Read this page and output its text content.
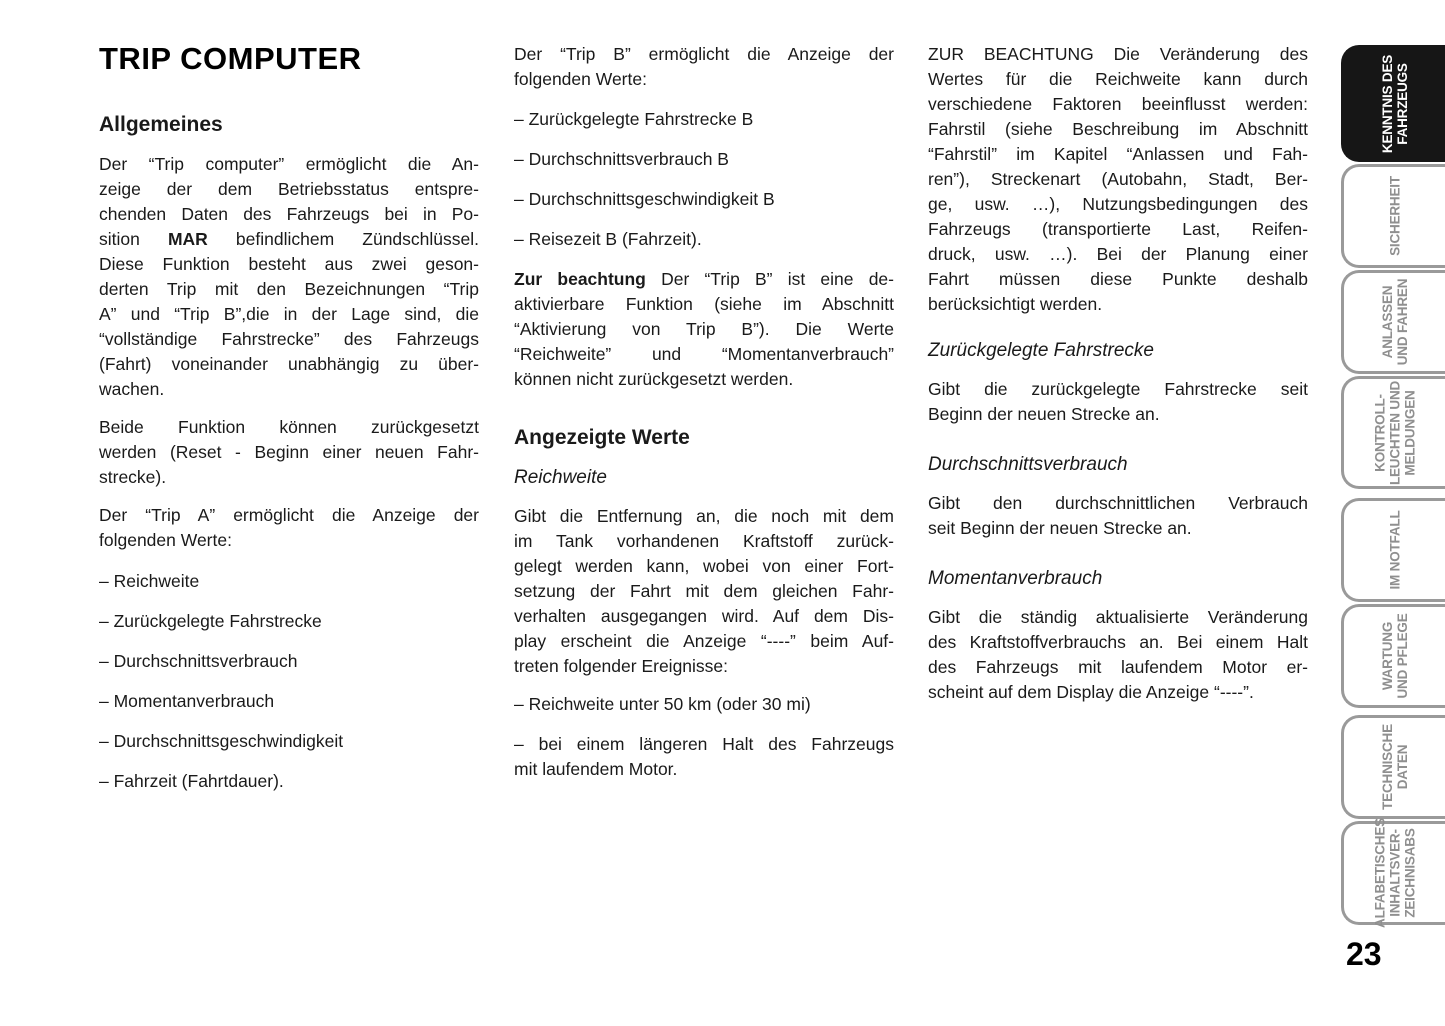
TRIP COMPUTER
Allgemeines
Der “Trip computer” ermöglicht die An-
zeige der dem Betriebsstatus entspre-
chenden Daten des Fahrzeugs bei in Po-
sition MAR befindlichem Zündschlüssel.
Diese Funktion besteht aus zwei geson-
derten Trip mit den Bezeichnungen “Trip
A” und “Trip B”,die in der Lage sind, die
“vollständige Fahrstrecke” des Fahrzeugs
(Fahrt) voneinander unabhängig zu über-
wachen.
Beide Funktion können zurückgesetzt
werden (Reset - Beginn einer neuen Fahr-
strecke).
Der “Trip A” ermöglicht die Anzeige der
folgenden Werte:
– Reichweite
– Zurückgelegte Fahrstrecke
– Durchschnittsverbrauch
– Momentanverbrauch
– Durchschnittsgeschwindigkeit
– Fahrzeit (Fahrtdauer).
Der “Trip B” ermöglicht die Anzeige der
folgenden Werte:
– Zurückgelegte Fahrstrecke B
– Durchschnittsverbrauch B
– Durchschnittsgeschwindigkeit B
– Reisezeit B (Fahrzeit).
Zur beachtung Der “Trip B” ist eine de-
aktivierbare Funktion (siehe im Abschnitt
“Aktivierung von Trip B”). Die Werte
“Reichweite” und “Momentanverbrauch”
können nicht zurückgesetzt werden.
Angezeigte Werte
Reichweite
Gibt die Entfernung an, die noch mit dem
im Tank vorhandenen Kraftstoff zurück-
gelegt werden kann, wobei von einer Fort-
setzung der Fahrt mit dem gleichen Fahr-
verhalten ausgegangen wird. Auf dem Dis-
play erscheint die Anzeige “----” beim Auf-
treten folgender Ereignisse:
– Reichweite unter 50 km (oder 30 mi)
– bei einem längeren Halt des Fahrzeugs
mit laufendem Motor.
ZUR BEACHTUNG Die Veränderung des
Wertes für die Reichweite kann durch
verschiedene Faktoren beeinflusst werden:
Fahrstil (siehe Beschreibung im Abschnitt
“Fahrstil” im Kapitel “Anlassen und Fah-
ren”), Streckenart (Autobahn, Stadt, Ber-
ge, usw. …), Nutzungsbedingungen des
Fahrzeugs (transportierte Last, Reifen-
druck, usw. …). Bei der Planung einer
Fahrt müssen diese Punkte deshalb
berücksichtigt werden.
Zurückgelegte Fahrstrecke
Gibt die zurückgelegte Fahrstrecke seit
Beginn der neuen Strecke an.
Durchschnittsverbrauch
Gibt den durchschnittlichen Verbrauch
seit Beginn der neuen Strecke an.
Momentanverbrauch
Gibt die ständig aktualisierte Veränderung
des Kraftstoffverbrauchs an. Bei einem Halt
des Fahrzeugs mit laufendem Motor er-
scheint auf dem Display die Anzeige “----”.
KENNTNIS DES FAHRZEUGS
SICHERHEIT
ANLASSEN UND FAHREN
KONTROLL- LEUCHTEN UND MELDUNGEN
IM NOTFALL
WARTUNG UND PFLEGE
TECHNISCHE DATEN
ALFABETISCHES INHALTSVER- ZEICHNISABS
23
